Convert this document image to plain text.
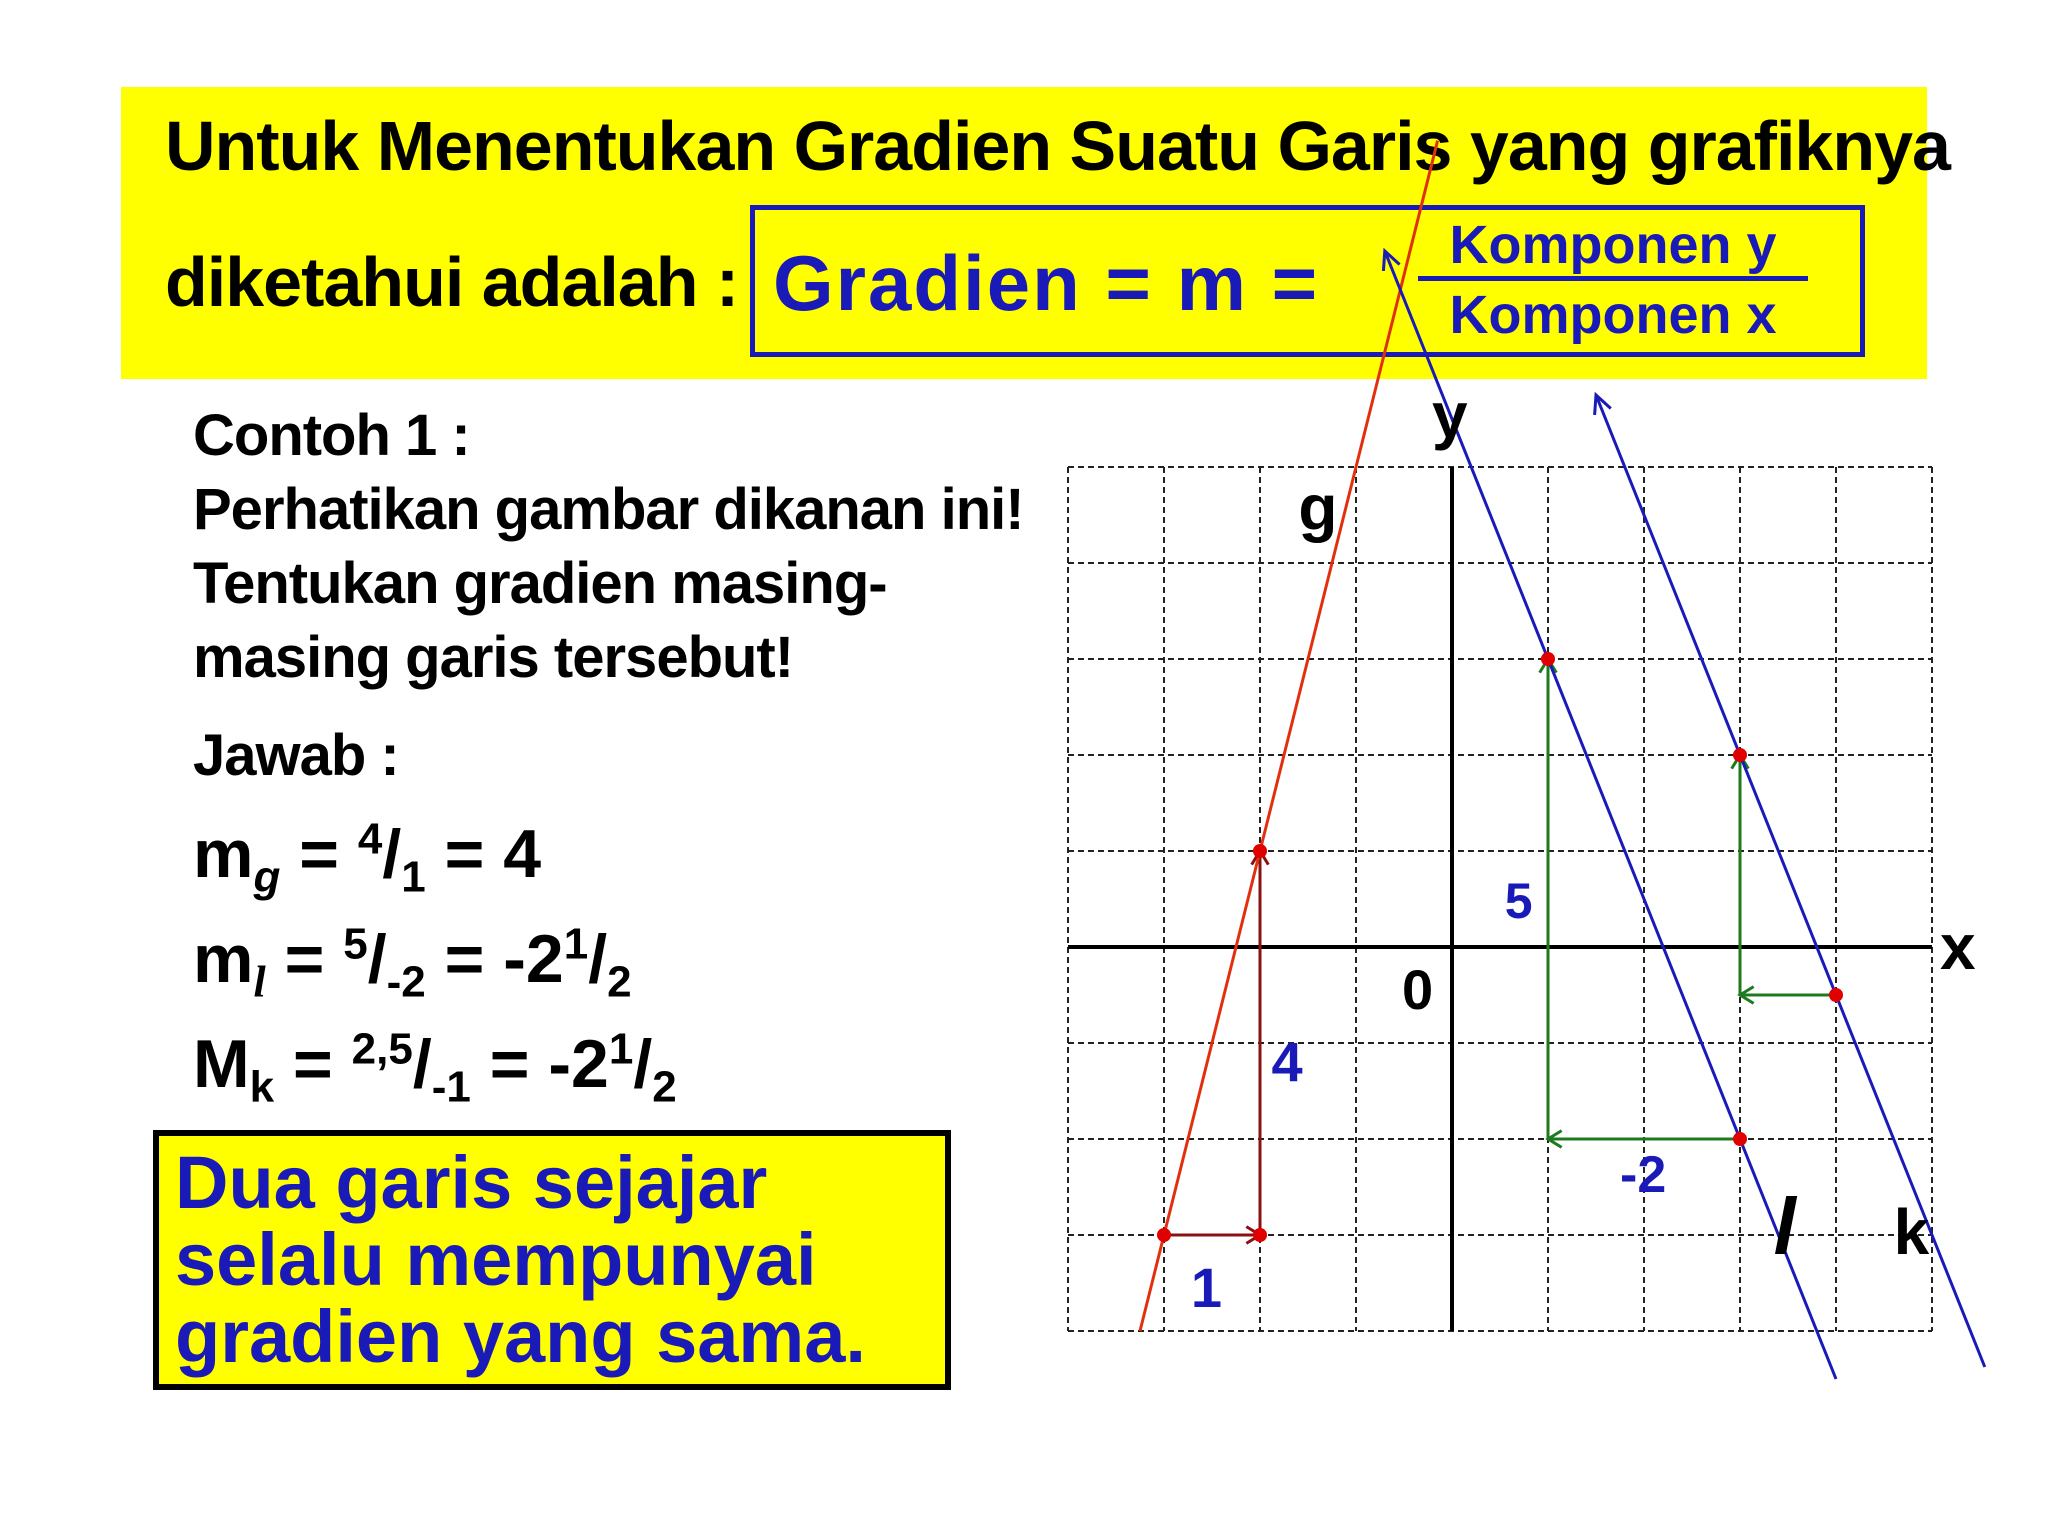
Untuk Menentukan Gradien Suatu Garis yang grafiknya
diketahui adalah : Gradien = m =	Komponen y
Komponen x
Contoh 1 :
Perhatikan gambar dikanan ini!
Tentukan gradien masing-
masing garis tersebut!
Jawab :
$m_g = ^4/_1 = 4$
$m_l = ^5/_{-2} = -2^1/_2$
$M_k = ^{2,5}/_{-1} = -2^1/_2$
Dua garis sejajar
selalu mempunyai
gradien yang sama.
y
x
0
g
l k
1
4
5
-2
